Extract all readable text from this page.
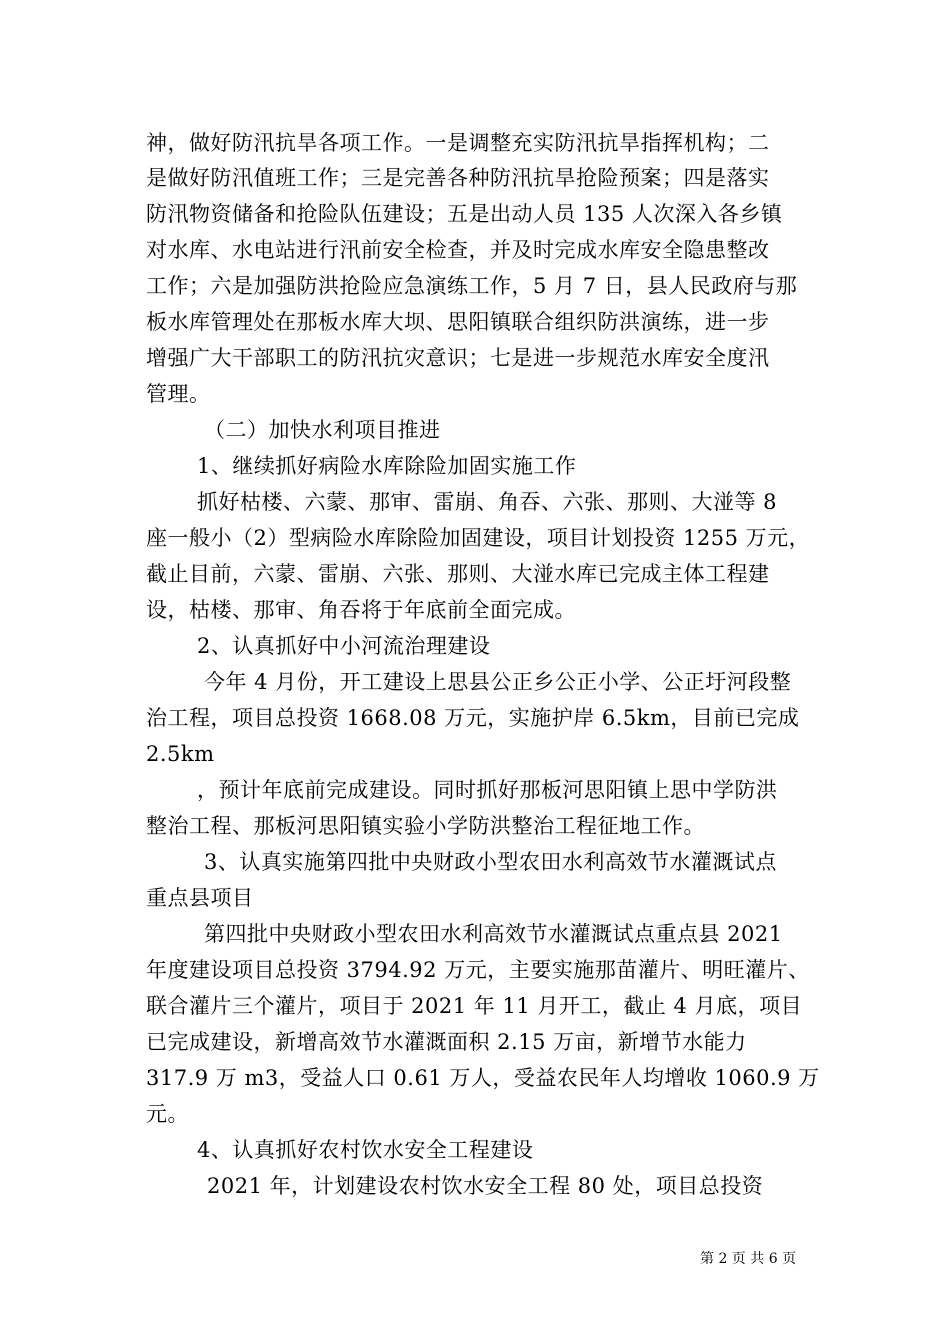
神，做好防汛抗旱各项工作。一是调整充实防汛抗旱指挥机构；二
是做好防汛值班工作；三是完善各种防汛抗旱抢险预案；四是落实
防汛物资储备和抢险队伍建设；五是出动人员 135 人次深入各乡镇
对水库、水电站进行汛前安全检查，并及时完成水库安全隐患整改
工作；六是加强防洪抢险应急演练工作，5 月 7 日，县人民政府与那
板水库管理处在那板水库大坝、思阳镇联合组织防洪演练，进一步
增强广大干部职工的防汛抗灾意识；七是进一步规范水库安全度汛
管理。
（二）加快水利项目推进
1、继续抓好病险水库除险加固实施工作
抓好枯楼、六蒙、那审、雷崩、角吞、六张、那则、大湴等 8
座一般小（2）型病险水库除险加固建设，项目计划投资 1255 万元，
截止目前，六蒙、雷崩、六张、那则、大湴水库已完成主体工程建
设，枯楼、那审、角吞将于年底前全面完成。
2、认真抓好中小河流治理建设
今年 4 月份，开工建设上思县公正乡公正小学、公正圩河段整
治工程，项目总投资 1668.08 万元，实施护岸 6.5km，目前已完成
2.5km
，预计年底前完成建设。同时抓好那板河思阳镇上思中学防洪
整治工程、那板河思阳镇实验小学防洪整治工程征地工作。
3、认真实施第四批中央财政小型农田水利高效节水灌溉试点
重点县项目
第四批中央财政小型农田水利高效节水灌溉试点重点县 2021
年度建设项目总投资 3794.92 万元，主要实施那苗灌片、明旺灌片、
联合灌片三个灌片，项目于 2021 年 11 月开工，截止 4 月底，项目
已完成建设，新增高效节水灌溉面积 2.15 万亩，新增节水能力
317.9 万 m3，受益人口 0.61 万人，受益农民年人均增收 1060.9 万
元。
4、认真抓好农村饮水安全工程建设
2021 年，计划建设农村饮水安全工程 80 处，项目总投资
第 2 页 共 6 页
